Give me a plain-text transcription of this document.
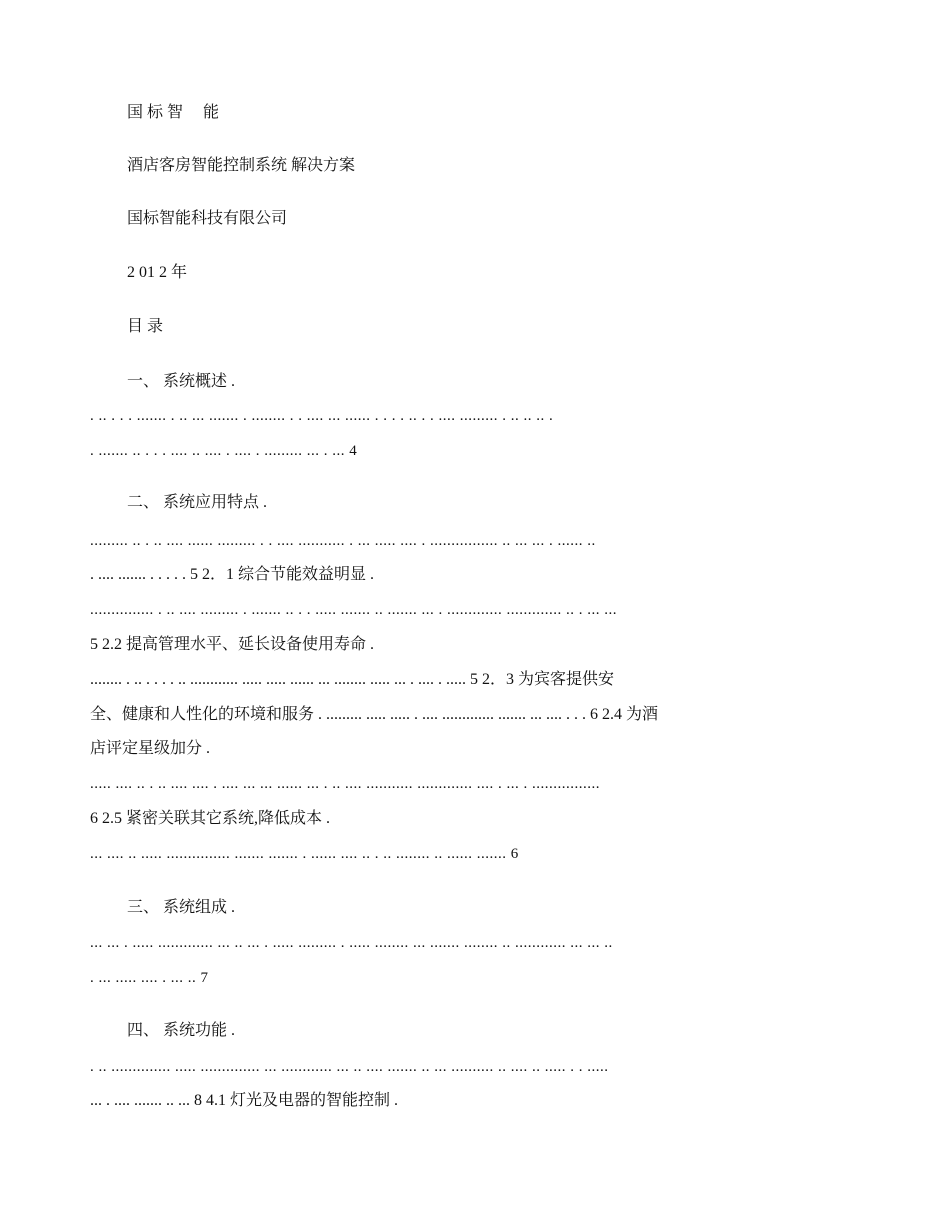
国 标 智　 能
酒店客房智能控制系统 解决方案
国标智能科技有限公司
2 01 2 年
目 录
一、 系统概述 .
. .. . . . ....... . .. ... ....... . ........ . . .... ... ...... . . . . .. . . .... ......... . .. .. .. .
. ....... .. . . . .... .. .... . .... . ......... ... . ... 4
二、 系统应用特点 .
......... .. . .. .... ...... ......... . . .... ........... . ... ..... .... . ................ .. ... ... . ...... ..
. .... ....... . . . . . 5 2．1 综合节能效益明显 .
............... . .. .... ......... . ....... .. . . ..... ....... .. ....... ... . ............. ............. .. . ... ...
5 2.2 提高管理水平、延长设备使用寿命 .
........ . .. . . . . .. ............ ..... ..... ...... ... ........ ..... ... . .... . ..... 5 2．3 为宾客提供安
全、健康和人性化的环境和服务 . ......... ..... ..... . .... ............. ....... ... .... . . . 6 2.4 为酒
店评定星级加分 .
..... .... .. . .. .... .... . .... ... ... ...... ... . .. .... ........... ............. .... . ... . ................
6 2.5 紧密关联其它系统,降低成本 .
... .... .. ..... ............... ....... ....... . ...... .... .. . .. ........ .. ...... ....... 6
三、 系统组成 .
... ... . ..... ............. ... .. ... . ..... ......... . ..... ........ ... ....... ........ .. ............ ... ... ..
. ... ..... .... . ... .. 7
四、 系统功能 .
. .. .............. ..... .............. ... ............ ... .. .... ....... .. ... .......... .. .... .. ..... . . .....
... . .... ....... .. ... 8 4.1 灯光及电器的智能控制 .
